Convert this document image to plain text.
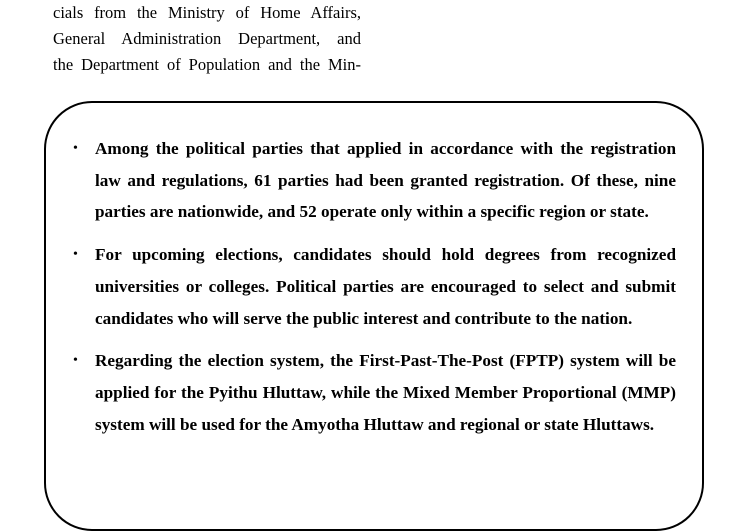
cials from the Ministry of Home Affairs,
General Administration Department, and
the Department of Population and the Min-
• Among the political parties that applied in accordance with the registration law and regulations, 61 parties had been granted registration. Of these, nine parties are nationwide, and 52 operate only within a specific region or state.
• For upcoming elections, candidates should hold degrees from recognized universities or colleges. Political parties are encouraged to select and submit candidates who will serve the public interest and contribute to the nation.
• Regarding the election system, the First-Past-The-Post (FPTP) system will be applied for the Pyithu Hluttaw, while the Mixed Member Proportional (MMP) system will be used for the Amyotha Hluttaw and regional or state Hluttaws.
